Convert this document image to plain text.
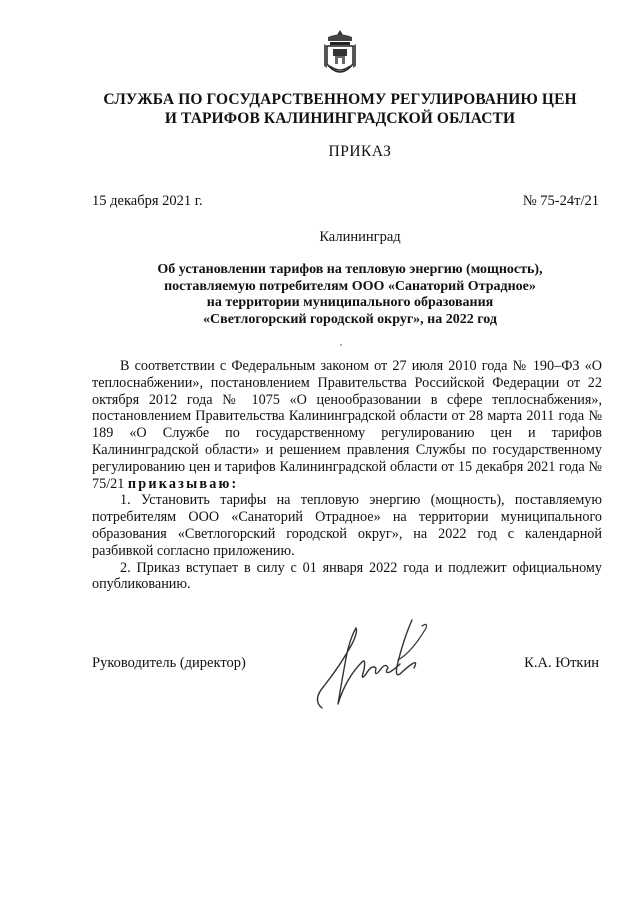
СЛУЖБА ПО ГОСУДАРСТВЕННОМУ РЕГУЛИРОВАНИЮ ЦЕН
И ТАРИФОВ КАЛИНИНГРАДСКОЙ ОБЛАСТИ
ПРИКАЗ
15 декабря 2021 г.	№ 75-24т/21
Калининград
Об установлении тарифов на тепловую энергию (мощность),
поставляемую потребителям ООО «Санаторий Отрадное»
на территории муниципального образования
«Светлогорский городской округ», на 2022 год

В соответствии с Федеральным законом от 27 июля 2010 года № 190–ФЗ «О теплоснабжении», постановлением Правительства Российской Федерации от 22 октября 2012 года № 1075 «О ценообразовании в сфере теплоснабжения», постановлением Правительства Калининградской области от 28 марта 2011 года № 189 «О Службе по государственному регулированию цен и тарифов Калининградской области» и решением правления Службы по государственному регулированию цен и тарифов Калининградской области от 15 декабря 2021 года № 75/21 приказываю:

1. Установить тарифы на тепловую энергию (мощность), поставляемую потребителям ООО «Санаторий Отрадное» на территории муниципального образования «Светлогорский городской округ», на 2022 год с календарной разбивкой согласно приложению.

2. Приказ вступает в силу с 01 января 2022 года и подлежит официальному опубликованию.

Руководитель (директор)	К.А. Юткин
